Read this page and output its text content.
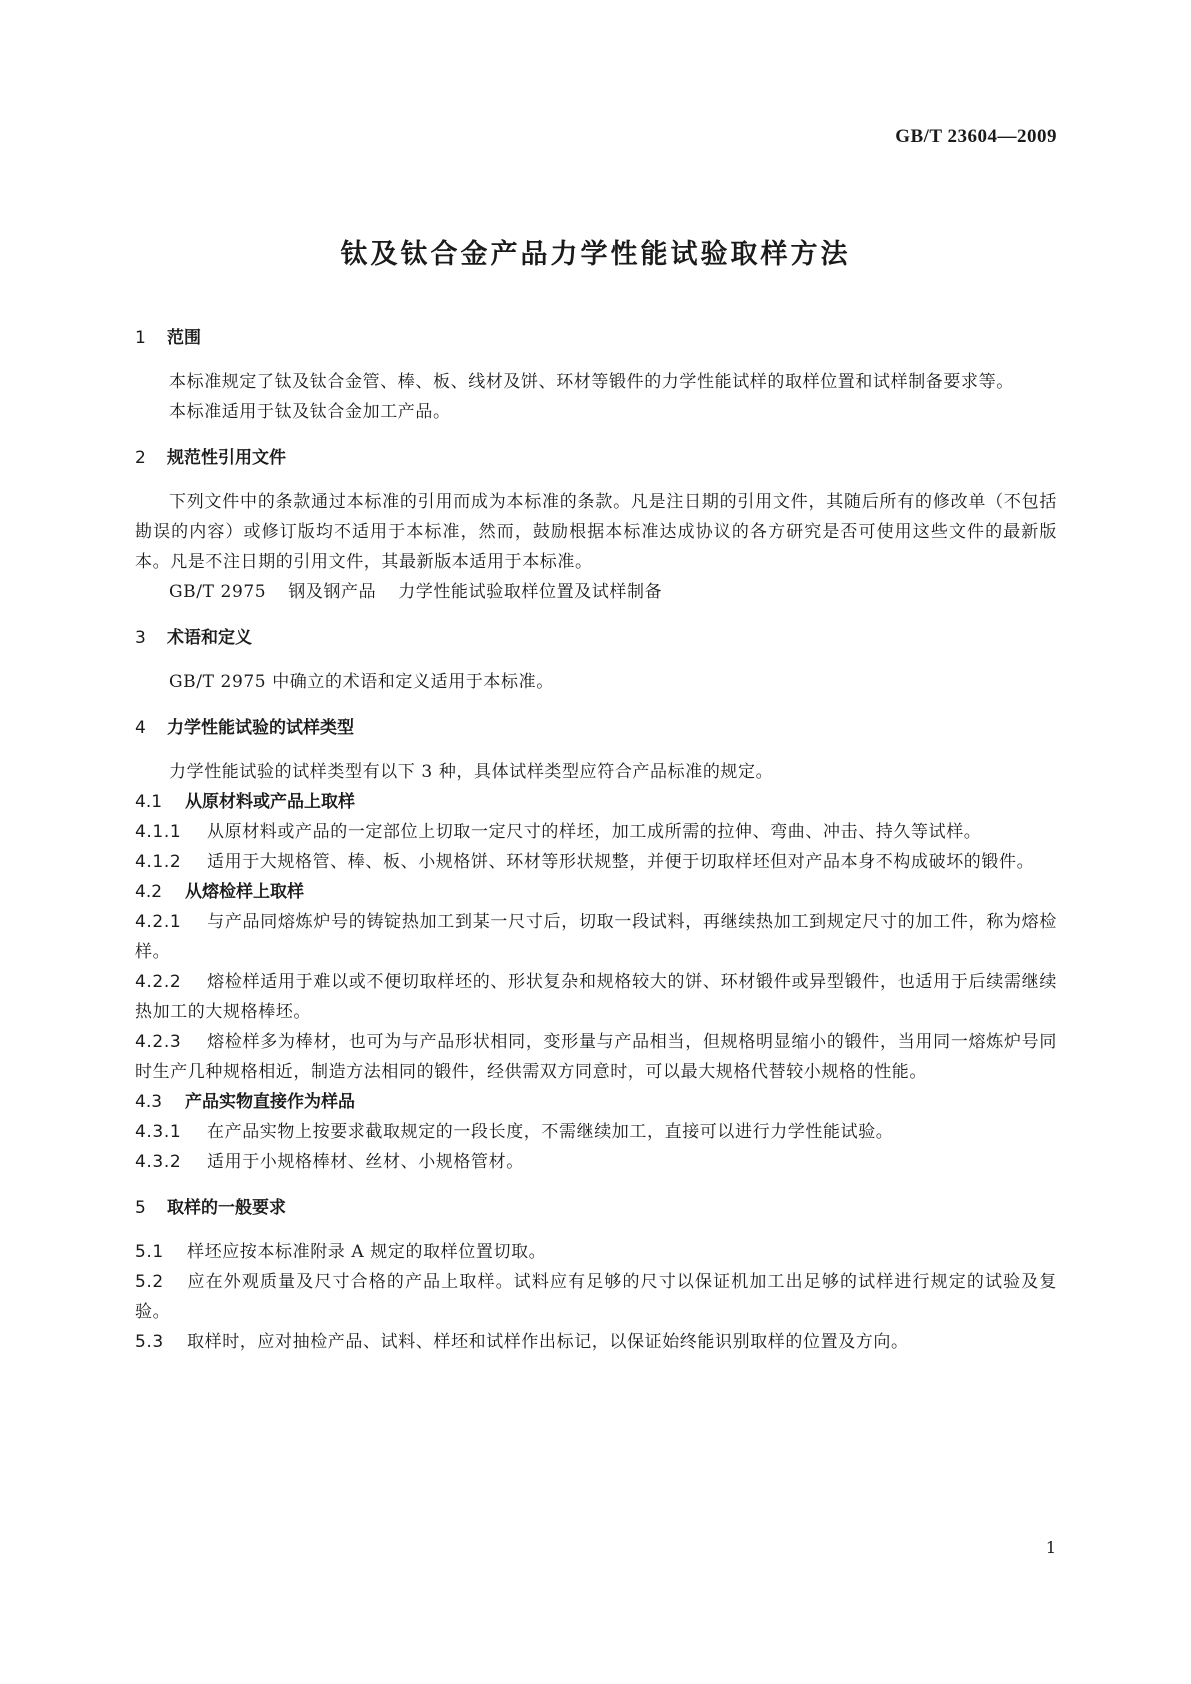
GB/T 23604—2009
钛及钛合金产品力学性能试验取样方法
1 范围
本标准规定了钛及钛合金管、棒、板、线材及饼、环材等锻件的力学性能试样的取样位置和试样制备要求等。
本标准适用于钛及钛合金加工产品。
2 规范性引用文件
下列文件中的条款通过本标准的引用而成为本标准的条款。凡是注日期的引用文件，其随后所有的修改单（不包括勘误的内容）或修订版均不适用于本标准，然而，鼓励根据本标准达成协议的各方研究是否可使用这些文件的最新版本。凡是不注日期的引用文件，其最新版本适用于本标准。
GB/T 2975 钢及钢产品 力学性能试验取样位置及试样制备
3 术语和定义
GB/T 2975 中确立的术语和定义适用于本标准。
4 力学性能试验的试样类型
力学性能试验的试样类型有以下 3 种，具体试样类型应符合产品标准的规定。
4.1 从原材料或产品上取样
4.1.1 从原材料或产品的一定部位上切取一定尺寸的样坯，加工成所需的拉伸、弯曲、冲击、持久等试样。
4.1.2 适用于大规格管、棒、板、小规格饼、环材等形状规整，并便于切取样坯但对产品本身不构成破坏的锻件。
4.2 从熔检样上取样
4.2.1 与产品同熔炼炉号的铸锭热加工到某一尺寸后，切取一段试料，再继续热加工到规定尺寸的加工件，称为熔检样。
4.2.2 熔检样适用于难以或不便切取样坯的、形状复杂和规格较大的饼、环材锻件或异型锻件，也适用于后续需继续热加工的大规格棒坯。
4.2.3 熔检样多为棒材，也可为与产品形状相同，变形量与产品相当，但规格明显缩小的锻件，当用同一熔炼炉号同时生产几种规格相近，制造方法相同的锻件，经供需双方同意时，可以最大规格代替较小规格的性能。
4.3 产品实物直接作为样品
4.3.1 在产品实物上按要求截取规定的一段长度，不需继续加工，直接可以进行力学性能试验。
4.3.2 适用于小规格棒材、丝材、小规格管材。
5 取样的一般要求
5.1 样坯应按本标准附录 A 规定的取样位置切取。
5.2 应在外观质量及尺寸合格的产品上取样。试料应有足够的尺寸以保证机加工出足够的试样进行规定的试验及复验。
5.3 取样时，应对抽检产品、试料、样坯和试样作出标记，以保证始终能识别取样的位置及方向。
1
